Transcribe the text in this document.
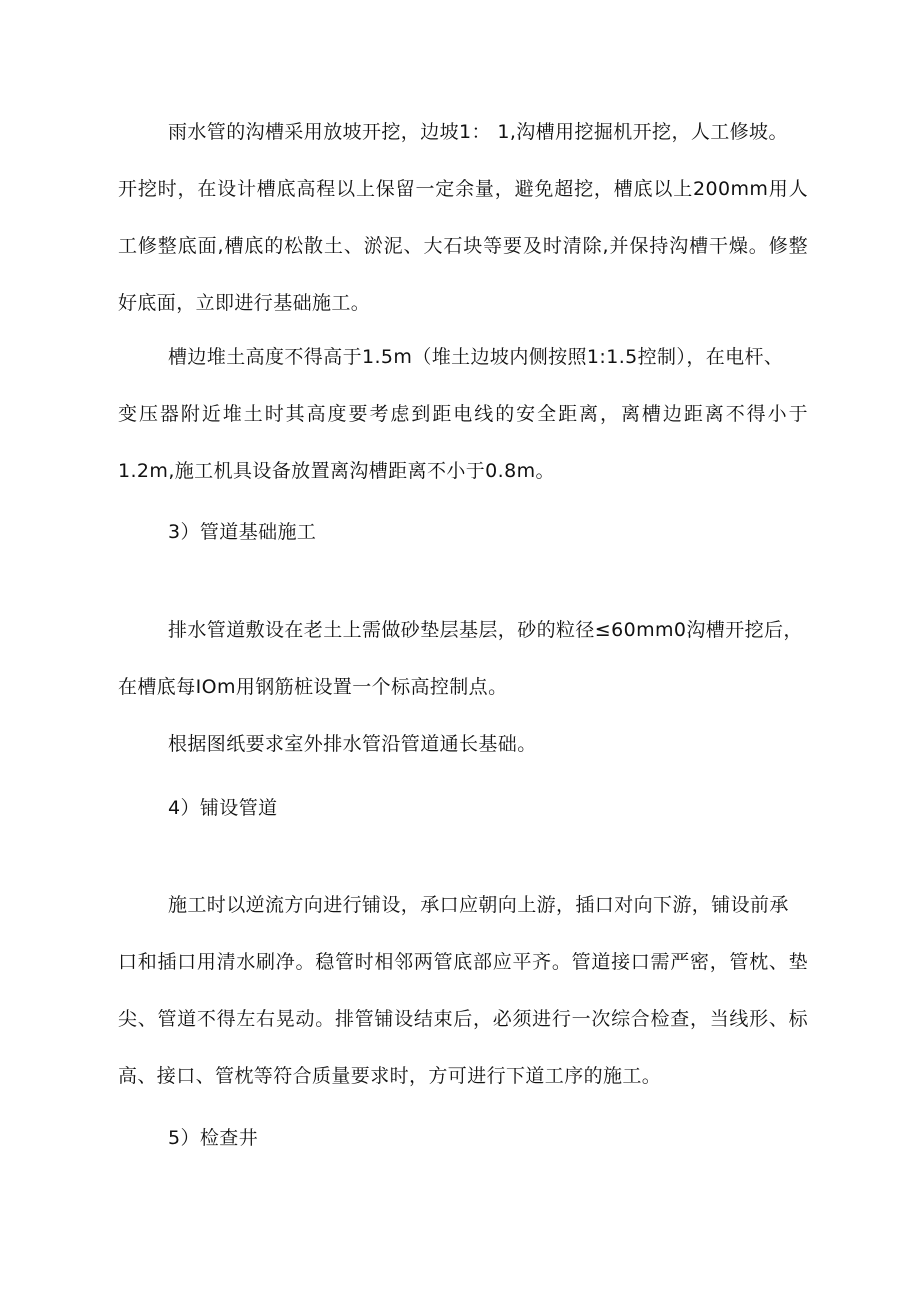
雨水管的沟槽采用放坡开挖，边坡1： 1,沟槽用挖掘机开挖，人工修坡。
开挖时，在设计槽底高程以上保留一定余量，避免超挖，槽底以上200mm用人
工修整底面,槽底的松散土、淤泥、大石块等要及时清除,并保持沟槽干燥。修整
好底面，立即进行基础施工。
槽边堆土高度不得高于1.5m（堆土边坡内侧按照1:1.5控制），在电杆、
变压器附近堆土时其高度要考虑到距电线的安全距离，离槽边距离不得小于
1.2m,施工机具设备放置离沟槽距离不小于0.8m。
3）管道基础施工
排水管道敷设在老土上需做砂垫层基层，砂的粒径≤60mm0沟槽开挖后，
在槽底每IOm用钢筋桩设置一个标高控制点。
根据图纸要求室外排水管沿管道通长基础。
4）铺设管道
施工时以逆流方向进行铺设，承口应朝向上游，插口对向下游，铺设前承
口和插口用清水刷净。稳管时相邻两管底部应平齐。管道接口需严密，管枕、垫
尖、管道不得左右晃动。排管铺设结束后，必须进行一次综合检查，当线形、标
高、接口、管枕等符合质量要求时，方可进行下道工序的施工。
5）检查井
